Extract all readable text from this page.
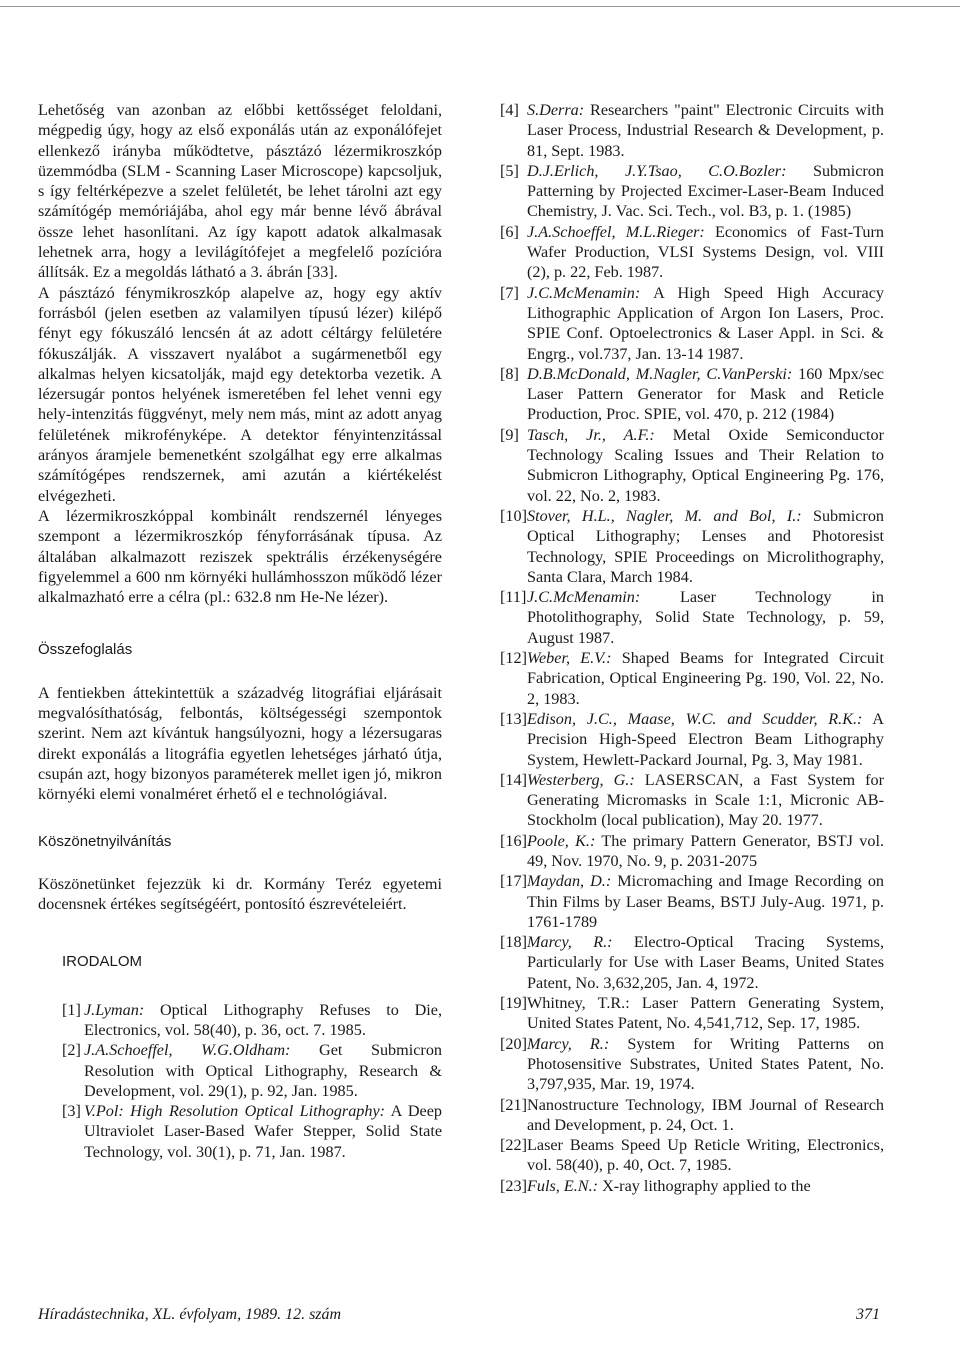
Lehetőség van azonban az előbbi kettősséget feloldani, mégpedig úgy, hogy az első exponálás után az exponálófejet ellenkező irányba működtetve, pásztázó lézermikroszkóp üzemmódba (SLM - Scanning Laser Microscope) kapcsoljuk, s így feltérképezve a szelet felületét, be lehet tárolni azt egy számítógép memóriájába, ahol egy már benne lévő ábrával össze lehet hasonlítani. Az így kapott adatok alkalmasak lehetnek arra, hogy a levilágítófejet a megfelelő pozícióra állítsák. Ez a megoldás látható a 3. ábrán [33].

A pásztázó fénymikroszkóp alapelve az, hogy egy aktív forrásból (jelen esetben az valamilyen típusú lézer) kilépő fényt egy fókuszáló lencsén át az adott céltárgy felületére fókuszálják. A visszavert nyalábot a sugármenetből egy alkalmas helyen kicsatolják, majd egy detektorba vezetik. A lézersugár pontos helyének ismeretében fel lehet venni egy hely-intenzitás függvényt, mely nem más, mint az adott anyag felületének mikrofényképe. A detektor fényintenzitással arányos áramjele bemenetként szolgálhat egy erre alkalmas számítógépes rendszernek, ami azután a kiértékelést elvégezheti.

A lézermikroszkóppal kombinált rendszernél lényeges szempont a lézermikroszkóp fényforrásának típusa. Az általában alkalmazott reziszek spektrális érzékenységére figyelemmel a 600 nm környéki hullámhosszon működő lézer alkalmazható erre a célra (pl.: 632.8 nm He-Ne lézer).

Összefoglalás

A fentiekben áttekintettük a századvég litográfiai eljárásait megvalósíthatóság, felbontás, költségességi szempontok szerint. Nem azt kívántuk hangsúlyozni, hogy a lézersugaras direkt exponálás a litográfia egyetlen lehetséges járható útja, csupán azt, hogy bizonyos paraméterek mellet igen jó, mikron környéki elemi vonalméret érhető el e technológiával.

Köszönetnyilvánítás

Köszönetünket fejezzük ki dr. Kormány Teréz egyetemi docensnek értékes segítségéért, pontosító észrevételeiért.

IRODALOM

[1] J.Lyman: Optical Lithography Refuses to Die, Electronics, vol. 58(40), p. 36, oct. 7. 1985.
[2] J.A.Schoeffel, W.G.Oldham: Get Submicron Resolution with Optical Lithography, Research & Development, vol. 29(1), p. 92, Jan. 1985.
[3] V.Pol: High Resolution Optical Lithography: A Deep Ultraviolet Laser-Based Wafer Stepper, Solid State Technology, vol. 30(1), p. 71, Jan. 1987.
[4] S.Derra: Researchers "paint" Electronic Circuits with Laser Process, Industrial Research & Development, p. 81, Sept. 1983.
[5] D.J.Erlich, J.Y.Tsao, C.O.Bozler: Submicron Patterning by Projected Excimer-Laser-Beam Induced Chemistry, J. Vac. Sci. Tech., vol. B3, p. 1. (1985)
[6] J.A.Schoeffel, M.L.Rieger: Economics of Fast-Turn Wafer Production, VLSI Systems Design, vol. VIII (2), p. 22, Feb. 1987.
[7] J.C.McMenamin: A High Speed High Accuracy Lithographic Application of Argon Ion Lasers, Proc. SPIE Conf. Optoelectronics & Laser Appl. in Sci. & Engrg., vol.737, Jan. 13-14 1987.
[8] D.B.McDonald, M.Nagler, C.VanPerski: 160 Mpx/sec Laser Pattern Generator for Mask and Reticle Production, Proc. SPIE, vol. 470, p. 212 (1984)
[9] Tasch, Jr., A.F.: Metal Oxide Semiconductor Technology Scaling Issues and Their Relation to Submicron Lithography, Optical Engineering Pg. 176, vol. 22, No. 2, 1983.
[10] Stover, H.L., Nagler, M. and Bol, I.: Submicron Optical Lithography; Lenses and Photoresist Technology, SPIE Proceedings on Microlithography, Santa Clara, March 1984.
[11] J.C.McMenamin: Laser Technology in Photolithography, Solid State Technology, p. 59, August 1987.
[12] Weber, E.V.: Shaped Beams for Integrated Circuit Fabrication, Optical Engineering Pg. 190, Vol. 22, No. 2, 1983.
[13] Edison, J.C., Maase, W.C. and Scudder, R.K.: A Precision High-Speed Electron Beam Lithography System, Hewlett-Packard Journal, Pg. 3, May 1981.
[14] Westerberg, G.: LASERSCAN, a Fast System for Generating Micromasks in Scale 1:1, Micronic AB-Stockholm (local publication), May 20. 1977.
[16] Poole, K.: The primary Pattern Generator, BSTJ vol. 49, Nov. 1970, No. 9, p. 2031-2075
[17] Maydan, D.: Micromaching and Image Recording on Thin Films by Laser Beams, BSTJ July-Aug. 1971, p. 1761-1789
[18] Marcy, R.: Electro-Optical Tracing Systems, Particularly for Use with Laser Beams, United States Patent, No. 3,632,205, Jan. 4, 1972.
[19] Whitney, T.R.: Laser Pattern Generating System, United States Patent, No. 4,541,712, Sep. 17, 1985.
[20] Marcy, R.: System for Writing Patterns on Photosensitive Substrates, United States Patent, No. 3,797,935, Mar. 19, 1974.
[21] Nanostructure Technology, IBM Journal of Research and Development, p. 24, Oct. 1.
[22] Laser Beams Speed Up Reticle Writing, Electronics, vol. 58(40), p. 40, Oct. 7, 1985.
[23] Fuls, E.N.: X-ray lithography applied to the
Híradástechnika, XL. évfolyam, 1989. 12. szám	371
